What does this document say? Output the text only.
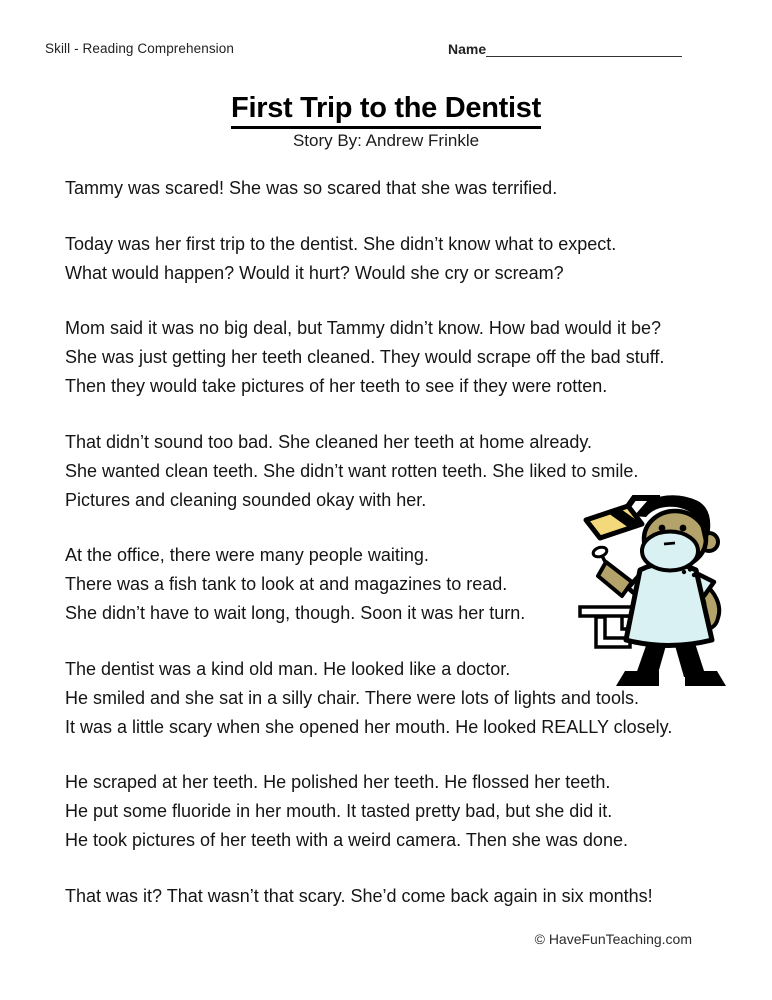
Skill - Reading Comprehension	Name
First Trip to the Dentist
Story By: Andrew Frinkle

Tammy was scared! She was so scared that she was terrified.

Today was her first trip to the dentist. She didn’t know what to expect.
What would happen? Would it hurt? Would she cry or scream?

Mom said it was no big deal, but Tammy didn’t know. How bad would it be?
She was just getting her teeth cleaned. They would scrape off the bad stuff.
Then they would take pictures of her teeth to see if they were rotten.

That didn’t sound too bad. She cleaned her teeth at home already.
She wanted clean teeth. She didn’t want rotten teeth. She liked to smile.
Pictures and cleaning sounded okay with her.

At the office, there were many people waiting.
There was a fish tank to look at and magazines to read.
She didn’t have to wait long, though. Soon it was her turn.

The dentist was a kind old man. He looked like a doctor.
He smiled and she sat in a silly chair. There were lots of lights and tools.
It was a little scary when she opened her mouth. He looked REALLY closely.

He scraped at her teeth. He polished her teeth. He flossed her teeth.
He put some fluoride in her mouth. It tasted pretty bad, but she did it.
He took pictures of her teeth with a weird camera. Then she was done.

That was it? That wasn’t that scary. She’d come back again in six months!

© HaveFunTeaching.com
